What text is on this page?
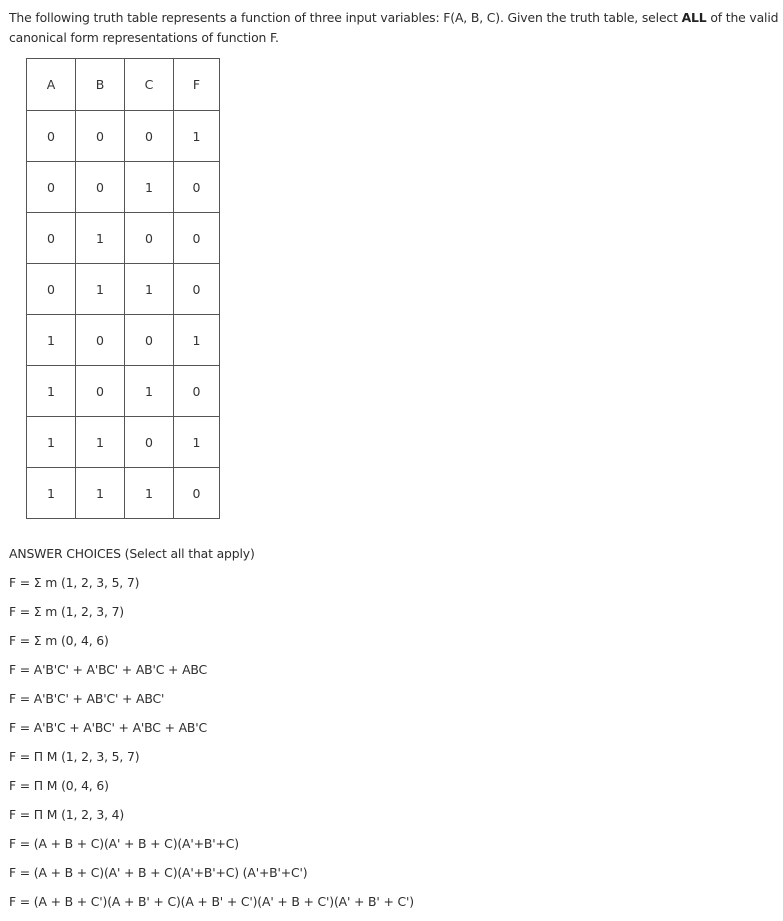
The following truth table represents a function of three input variables: F(A, B, C). Given the truth table, select ALL of the valid canonical form representations of function F.

A	B	C	F
0	0	0	1
0	0	1	0
0	1	0	0
0	1	1	0
1	0	0	1
1	0	1	0
1	1	0	1
1	1	1	0
ANSWER CHOICES (Select all that apply)
F = Σ m (1, 2, 3, 5, 7)
F = Σ m (1, 2, 3, 7)
F = Σ m (0, 4, 6)
F = A'B'C' + A'BC' + AB'C + ABC
F = A'B'C' + AB'C' + ABC'
F = A'B'C + A'BC' + A'BC + AB'C
F = Π M (1, 2, 3, 5, 7)
F = Π M (0, 4, 6)
F = Π M (1, 2, 3, 4)
F = (A + B + C)(A' + B + C)(A'+B'+C)
F = (A + B + C)(A' + B + C)(A'+B'+C) (A'+B'+C')
F = (A + B + C')(A + B' + C)(A + B' + C')(A' + B + C')(A' + B' + C')
